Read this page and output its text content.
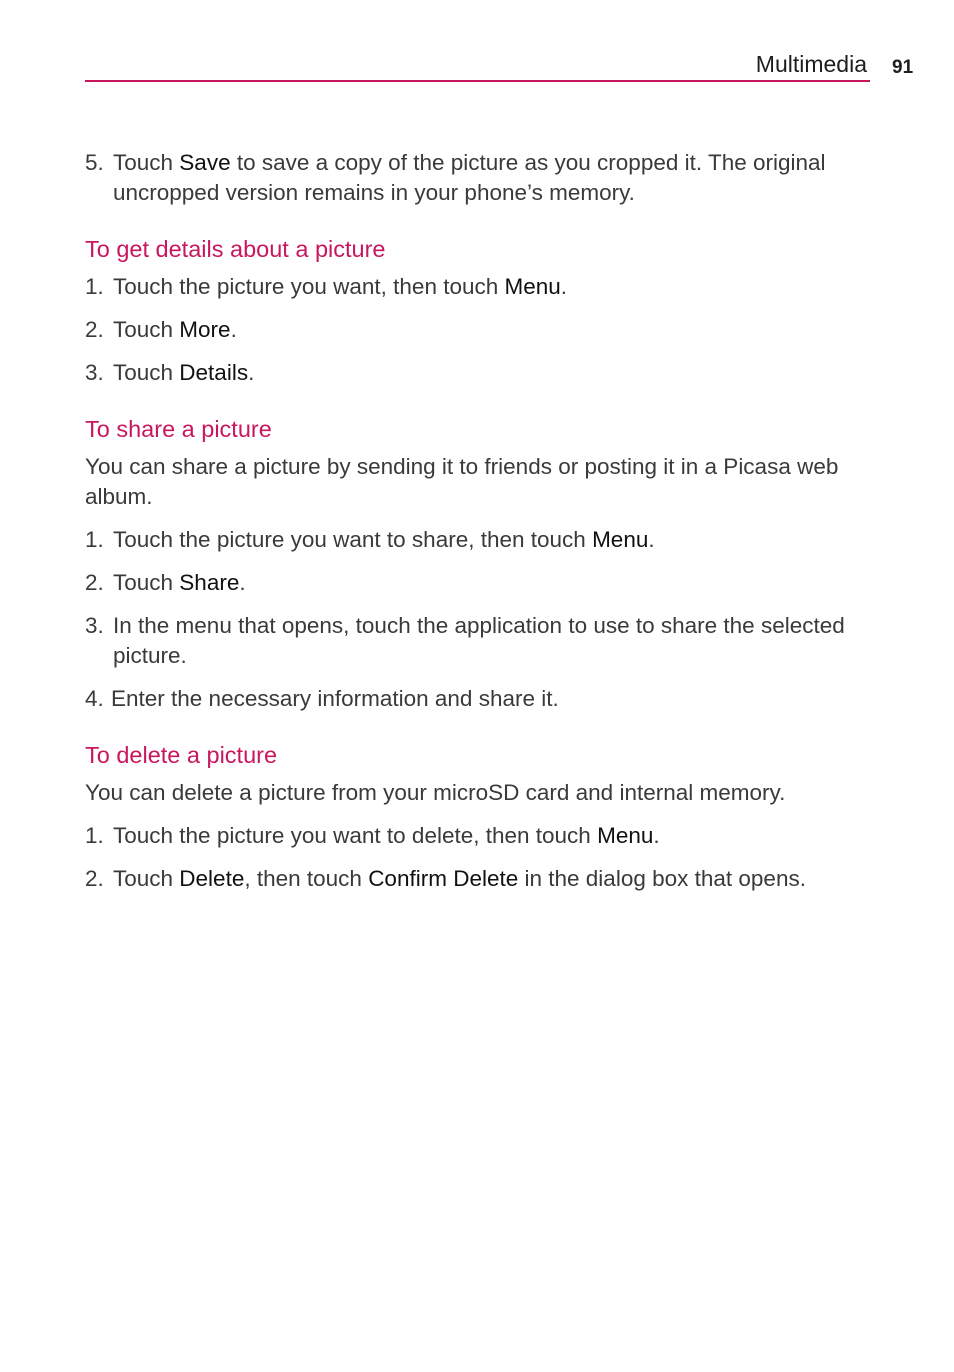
Multimedia 91
5. Touch Save to save a copy of the picture as you cropped it. The original uncropped version remains in your phone’s memory.
To get details about a picture
1. Touch the picture you want, then touch Menu.
2. Touch More.
3. Touch Details.
To share a picture

You can share a picture by sending it to friends or posting it in a Picasa web album.

1. Touch the picture you want to share, then touch Menu.
2. Touch Share.
3. In the menu that opens, touch the application to use to share the selected picture.
4. Enter the necessary information and share it.
To delete a picture

You can delete a picture from your microSD card and internal memory.

1. Touch the picture you want to delete, then touch Menu.
2. Touch Delete, then touch Confirm Delete in the dialog box that opens.
